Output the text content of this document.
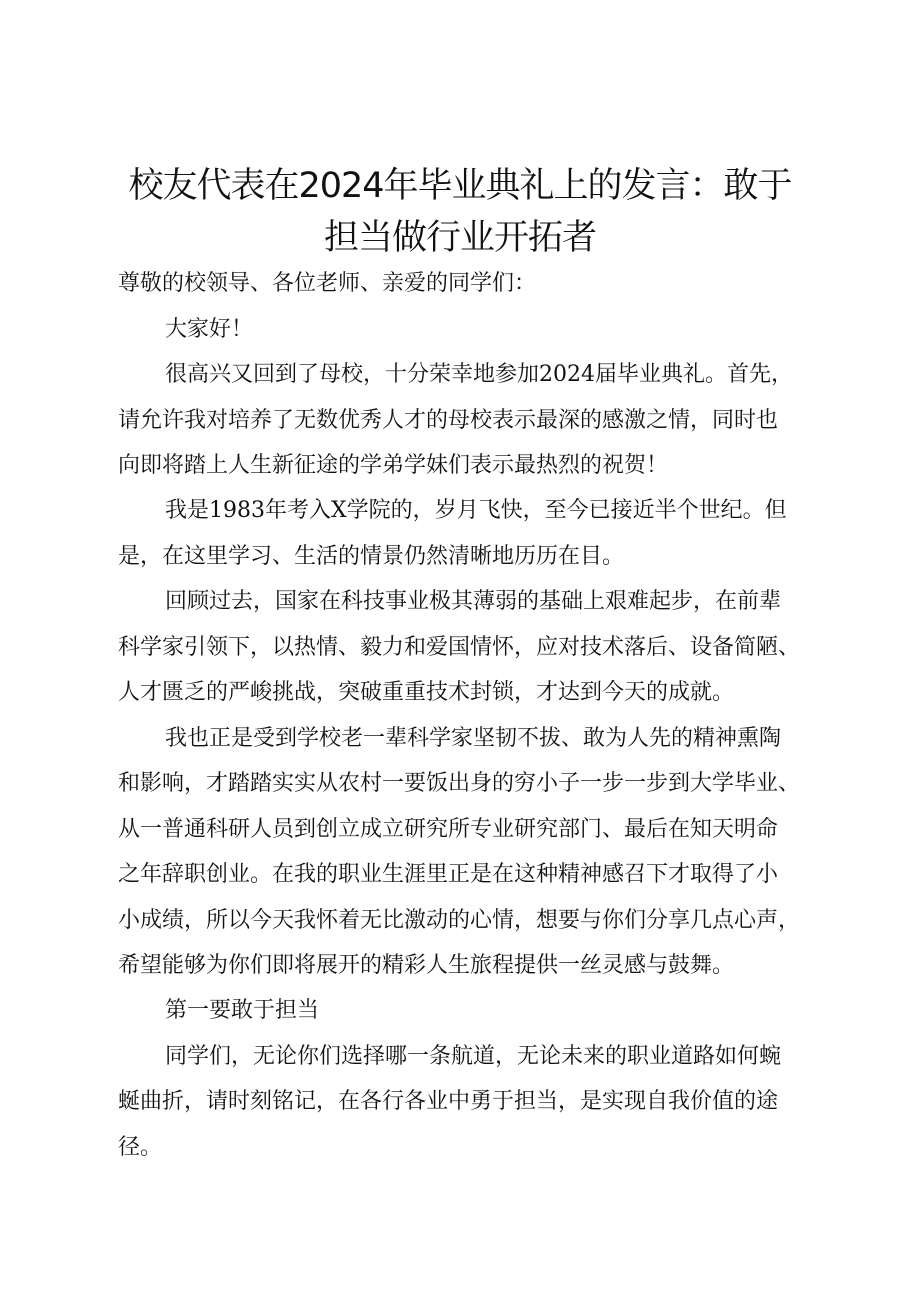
校友代表在2024年毕业典礼上的发言：敢于
担当做行业开拓者
尊敬的校领导、各位老师、亲爱的同学们：
大家好！
很高兴又回到了母校，十分荣幸地参加2024届毕业典礼。首先，
请允许我对培养了无数优秀人才的母校表示最深的感激之情，同时也
向即将踏上人生新征途的学弟学妹们表示最热烈的祝贺！
我是1983年考入X学院的，岁月飞快，至今已接近半个世纪。但
是，在这里学习、生活的情景仍然清晰地历历在目。
回顾过去，国家在科技事业极其薄弱的基础上艰难起步，在前辈
科学家引领下，以热情、毅力和爱国情怀，应对技术落后、设备简陋、
人才匮乏的严峻挑战，突破重重技术封锁，才达到今天的成就。
我也正是受到学校老一辈科学家坚韧不拔、敢为人先的精神熏陶
和影响，才踏踏实实从农村一要饭出身的穷小子一步一步到大学毕业、
从一普通科研人员到创立成立研究所专业研究部门、最后在知天明命
之年辞职创业。在我的职业生涯里正是在这种精神感召下才取得了小
小成绩，所以今天我怀着无比激动的心情，想要与你们分享几点心声，
希望能够为你们即将展开的精彩人生旅程提供一丝灵感与鼓舞。
第一要敢于担当
同学们，无论你们选择哪一条航道，无论未来的职业道路如何蜿
蜒曲折，请时刻铭记，在各行各业中勇于担当，是实现自我价值的途
径。
